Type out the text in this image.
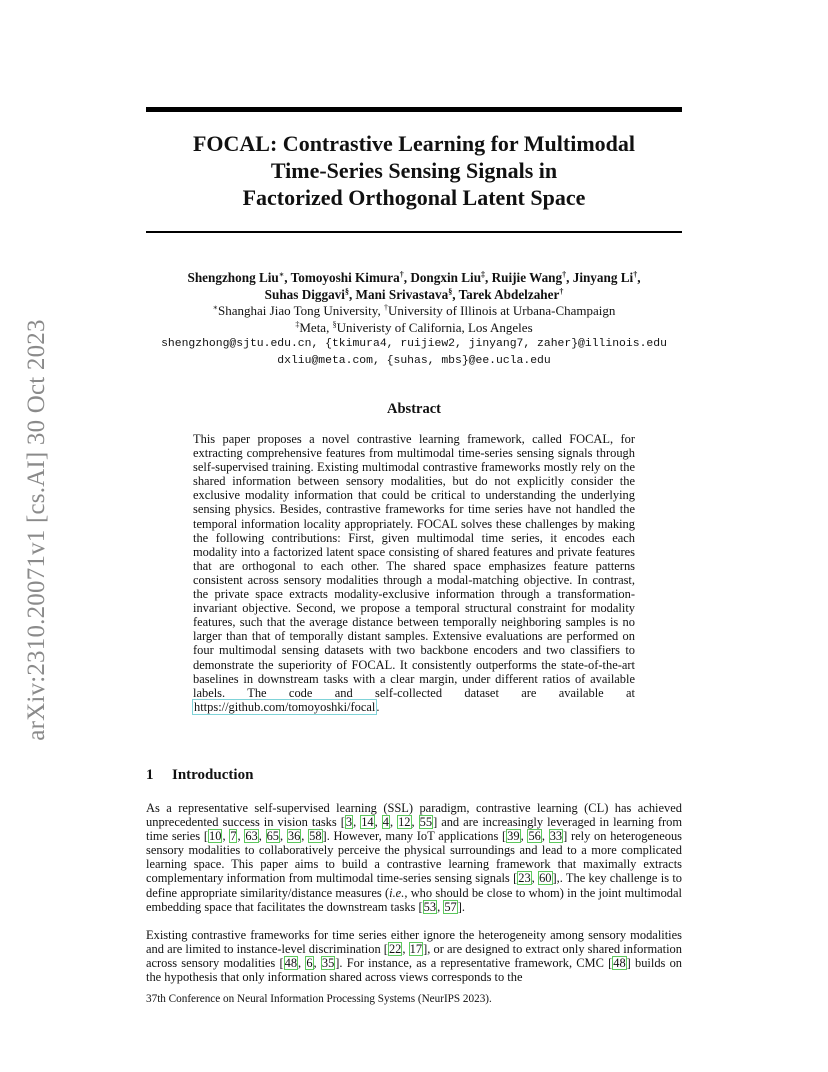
arXiv:2310.20071v1 [cs.AI] 30 Oct 2023
FOCAL: Contrastive Learning for Multimodal
Time-Series Sensing Signals in
Factorized Orthogonal Latent Space
Shengzhong Liu∗, Tomoyoshi Kimura†, Dongxin Liu‡, Ruijie Wang†, Jinyang Li†,
Suhas Diggavi§, Mani Srivastava§, Tarek Abdelzaher†
∗Shanghai Jiao Tong University, †University of Illinois at Urbana-Champaign
‡Meta, §Univeristy of California, Los Angeles
shengzhong@sjtu.edu.cn, {tkimura4, ruijiew2, jinyang7, zaher}@illinois.edu
dxliu@meta.com, {suhas, mbs}@ee.ucla.edu
Abstract

This paper proposes a novel contrastive learning framework, called FOCAL, for extracting comprehensive features from multimodal time-series sensing signals through self-supervised training. Existing multimodal contrastive frameworks mostly rely on the shared information between sensory modalities, but do not explicitly consider the exclusive modality information that could be critical to understanding the underlying sensing physics. Besides, contrastive frameworks for time series have not handled the temporal information locality appropriately. FOCAL solves these challenges by making the following contributions: First, given multimodal time series, it encodes each modality into a factorized latent space consisting of shared features and private features that are orthogonal to each other. The shared space emphasizes feature patterns consistent across sensory modalities through a modal-matching objective. In contrast, the private space extracts modality-exclusive information through a transformation-invariant objective. Second, we propose a temporal structural constraint for modality features, such that the average distance between temporally neighboring samples is no larger than that of temporally distant samples. Extensive evaluations are performed on four multimodal sensing datasets with two backbone encoders and two classifiers to demonstrate the superiority of FOCAL. It consistently outperforms the state-of-the-art baselines in downstream tasks with a clear margin, under different ratios of available labels. The code and self-collected dataset are available at https://github.com/tomoyoshki/focal.

1 Introduction

As a representative self-supervised learning (SSL) paradigm, contrastive learning (CL) has achieved unprecedented success in vision tasks [3, 14, 4, 12, 55] and are increasingly leveraged in learning from time series [10, 7, 63, 65, 36, 58]. However, many IoT applications [39, 56, 33] rely on heterogeneous sensory modalities to collaboratively perceive the physical surroundings and lead to a more complicated learning space. This paper aims to build a contrastive learning framework that maximally extracts complementary information from multimodal time-series sensing signals [23, 60],. The key challenge is to define appropriate similarity/distance measures (i.e., who should be close to whom) in the joint multimodal embedding space that facilitates the downstream tasks [53, 57].

Existing contrastive frameworks for time series either ignore the heterogeneity among sensory modalities and are limited to instance-level discrimination [22, 17], or are designed to extract only shared information across sensory modalities [48, 6, 35]. For instance, as a representative framework, CMC [48] builds on the hypothesis that only information shared across views corresponds to the

37th Conference on Neural Information Processing Systems (NeurIPS 2023).
